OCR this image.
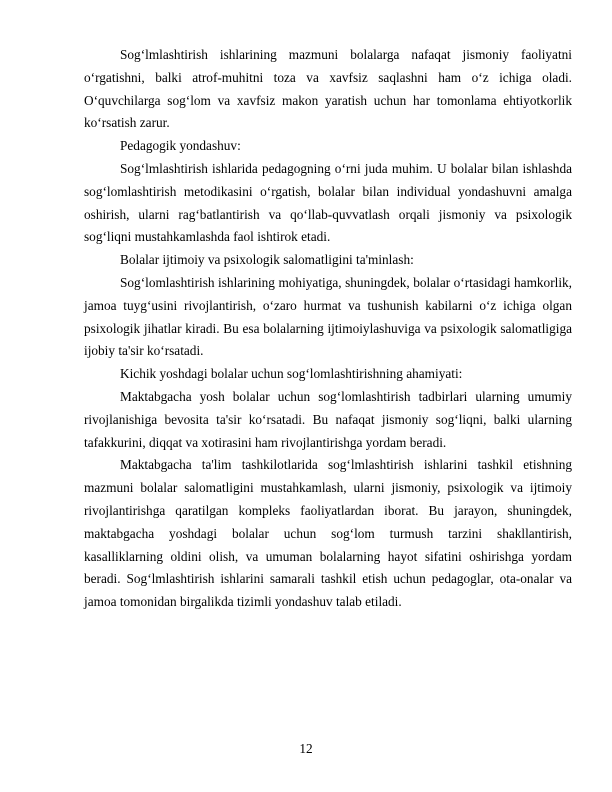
Sog‘lmlashtirish ishlarining mazmuni bolalarga nafaqat jismoniy faoliyatni o‘rgatishni, balki atrof-muhitni toza va xavfsiz saqlashni ham o‘z ichiga oladi. O‘quvchilarga sog‘lom va xavfsiz makon yaratish uchun har tomonlama ehtiyotkorlik ko‘rsatish zarur.

Pedagogik yondashuv:

Sog‘lmlashtirish ishlarida pedagogning o‘rni juda muhim. U bolalar bilan ishlashda sog‘lomlashtirish metodikasini o‘rgatish, bolalar bilan individual yondashuvni amalga oshirish, ularni rag‘batlantirish va qo‘llab-quvvatlash orqali jismoniy va psixologik sog‘liqni mustahkamlashda faol ishtirok etadi.

Bolalar ijtimoiy va psixologik salomatligini ta'minlash:

Sog‘lomlashtirish ishlarining mohiyatiga, shuningdek, bolalar o‘rtasidagi hamkorlik, jamoa tuyg‘usini rivojlantirish, o‘zaro hurmat va tushunish kabilarni o‘z ichiga olgan psixologik jihatlar kiradi. Bu esa bolalarning ijtimoiylashuviga va psixologik salomatligiga ijobiy ta'sir ko‘rsatadi.

Kichik yoshdagi bolalar uchun sog‘lomlashtirishning ahamiyati:

Maktabgacha yosh bolalar uchun sog‘lomlashtirish tadbirlari ularning umumiy rivojlanishiga bevosita ta'sir ko‘rsatadi. Bu nafaqat jismoniy sog‘liqni, balki ularning tafakkurini, diqqat va xotirasini ham rivojlantirishga yordam beradi.

Maktabgacha ta'lim tashkilotlarida sog‘lmlashtirish ishlarini tashkil etishning mazmuni bolalar salomatligini mustahkamlash, ularni jismoniy, psixologik va ijtimoiy rivojlantirishga qaratilgan kompleks faoliyatlardan iborat. Bu jarayon, shuningdek, maktabgacha yoshdagi bolalar uchun sog‘lom turmush tarzini shakllantirish, kasalliklarning oldini olish, va umuman bolalarning hayot sifatini oshirishga yordam beradi. Sog‘lmlashtirish ishlarini samarali tashkil etish uchun pedagoglar, ota-onalar va jamoa tomonidan birgalikda tizimli yondashuv talab etiladi.

12
